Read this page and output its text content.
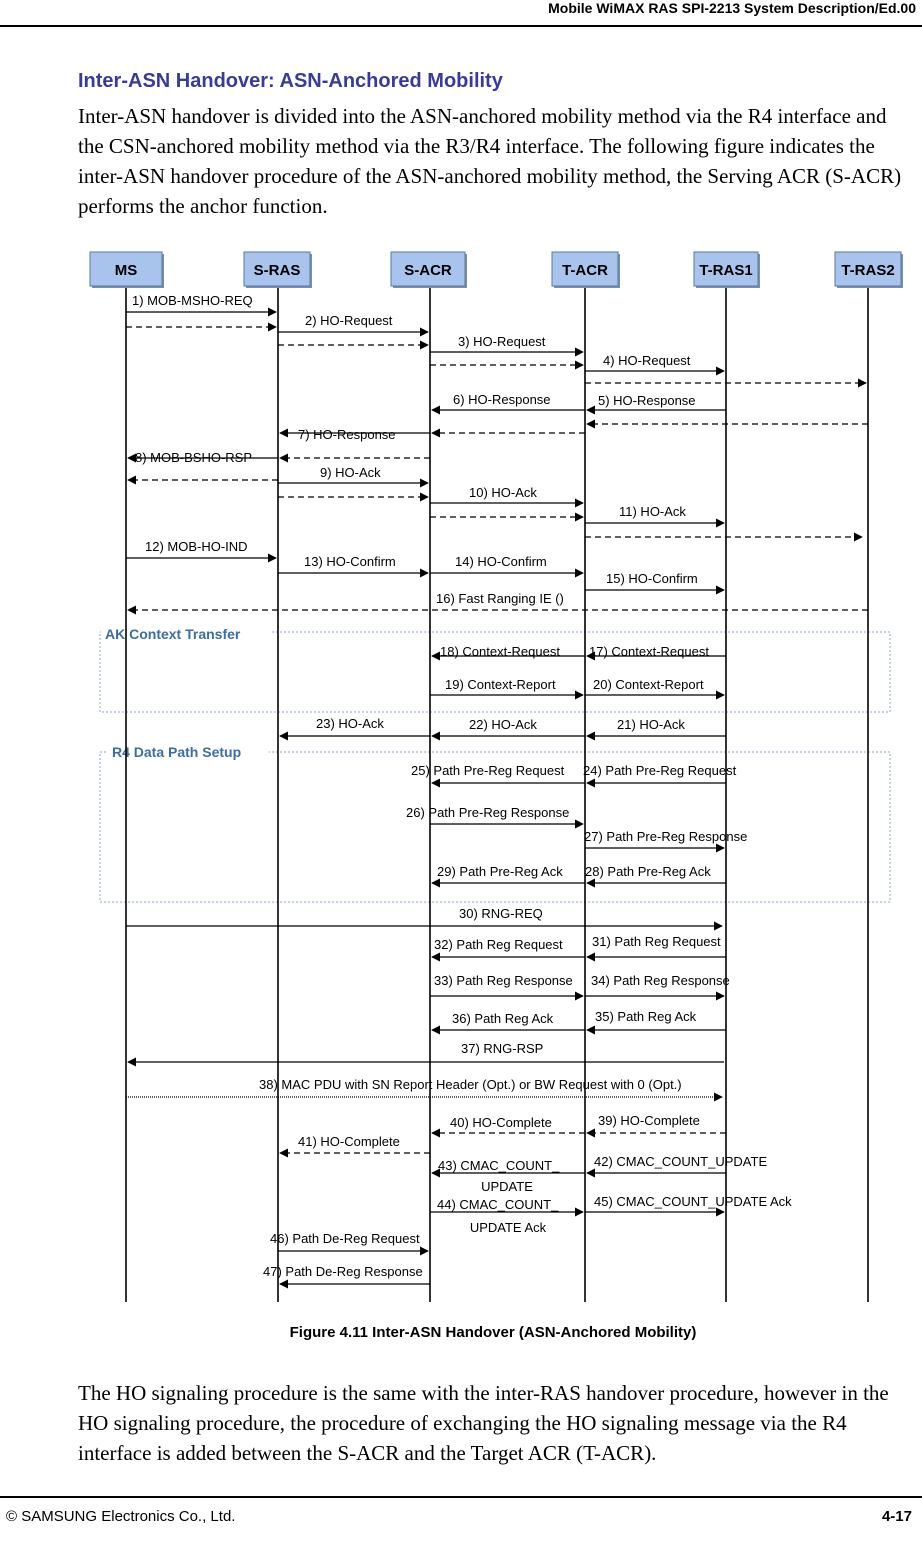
Mobile WiMAX RAS SPI-2213 System Description/Ed.00
Inter-ASN Handover: ASN-Anchored Mobility

Inter-ASN handover is divided into the ASN-anchored mobility method via the R4 interface and the CSN-anchored mobility method via the R3/R4 interface. The following figure indicates the inter-ASN handover procedure of the ASN-anchored mobility method, the Serving ACR (S-ACR) performs the anchor function.

AK Context Transfer
R4 Data Path Setup
MS	S-RAS	S-ACR	T-ACR	T-RAS1	T-RAS2
1) MOB-MSHO-REQ
2) HO-Request
3) HO-Request
4) HO-Request
5) HO-Response
6) HO-Response
7) HO-Response
8) MOB-BSHO-RSP
9) HO-Ack
10) HO-Ack
11) HO-Ack
12) MOB-HO-IND
13) HO-Confirm	14) HO-Confirm
15) HO-Confirm
16) Fast Ranging IE ()
17) Context-Request
18) Context-Request
19) Context-Report	20) Context-Report
21) HO-Ack
22) HO-Ack
23) HO-Ack
24) Path Pre-Reg Request
25) Path Pre-Reg Request
26) Path Pre-Reg Response
27) Path Pre-Reg Response
28) Path Pre-Reg Ack
29) Path Pre-Reg Ack
30) RNG-REQ
31) Path Reg Request
32) Path Reg Request
33) Path Reg Response 34) Path Reg Response
35) Path Reg Ack
36) Path Reg Ack
37) RNG-RSP
38) MAC PDU with SN Report Header (Opt.) or BW Request with 0 (Opt.)
39) HO-Complete
40) HO-Complete
41) HO-Complete
42) CMAC_COUNT_UPDATE
43) CMAC_COUNT_
UPDATE
44) CMAC_COUNT_
UPDATE Ack
45) CMAC_COUNT_UPDATE Ack
46) Path De-Reg Request
47) Path De-Reg Response
Figure 4.11 Inter-ASN Handover (ASN-Anchored Mobility)

The HO signaling procedure is the same with the inter-RAS handover procedure, however in the HO signaling procedure, the procedure of exchanging the HO signaling message via the R4 interface is added between the S-ACR and the Target ACR (T-ACR).

© SAMSUNG Electronics Co., Ltd.	4-17
